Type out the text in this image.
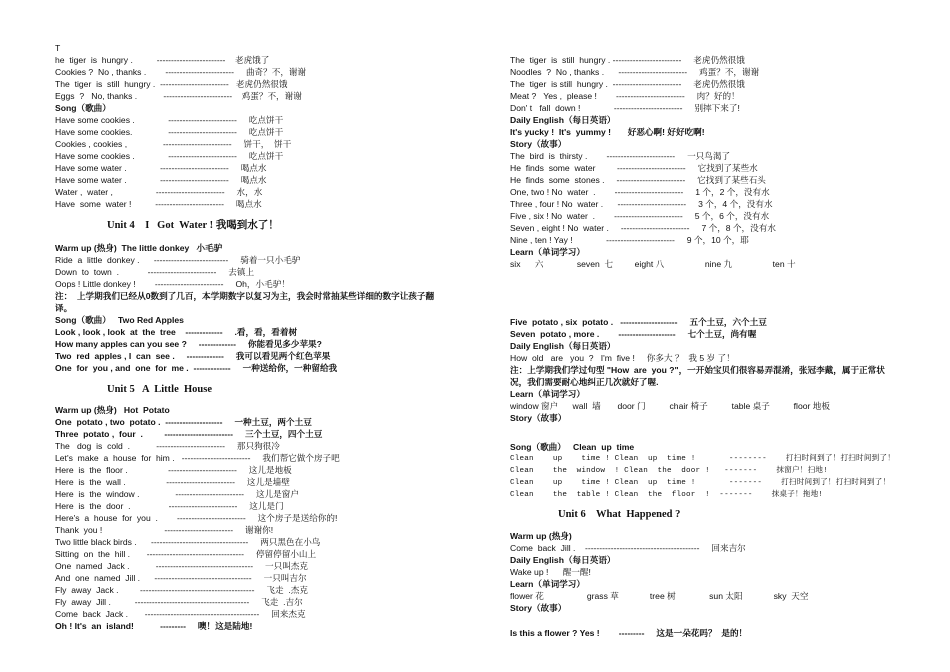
T
he  tiger  is  hungry .          ------------------------    老虎饿了
Cookies ?  No , thanks .        ------------------------     曲奇？不，谢谢
The  tiger  is  still  hungry .  ------------------------   老虎仍然很饿
Eggs  ?   No, thanks .           ------------------------    鸡蛋？不，谢谢
Song（歌曲）
Have some cookies .              ------------------------     吃点饼干
Have some cookies.               ------------------------     吃点饼干
Cookies , cookies ,               ------------------------     饼干，  饼干
Have some cookies .              ------------------------     吃点饼干
Have some water .              ------------------------     喝点水
Have some water .              ------------------------     喝点水
Water ,  water ,                  ------------------------     水，水
Have  some  water !          ------------------------     喝点水
Unit 4    I   Got  Water ! 我喝到水了！
Warm up (热身)  The little donkey   小毛驴
Ride  a  little  donkey .      --------------------------     骑着一只小毛驴
Down  to  town  .            ------------------------     去镇上
Oops ! Little donkey !        ------------------------     Oh，小毛驴！
注：  上学期我们已经从0数到了几百，本学期数字以复习为主，我会时常抽某些详细的数字让孩子翻
译。
Song（歌曲）   Two Red Apples
Look , look , look  at  the  tree    -------------     .看，看，看着树
How many apples can you see ?     -------------     你能看见多少苹果?
Two  red  apples , I  can  see .     -------------     我可以看见两个红色苹果
One  for  you , and  one  for  me .  -------------     一种送给你，一种留给我
Unit 5   A  Little  House
Warm up (热身)   Hot  Potato
One  potato , two  potato .  --------------------     一种土豆，两个土豆
Three  potato ,  four  .         ------------------------     三个土豆，四个土豆
The   dog  is  cold  .           ------------------------     那只狗很冷
Let's  make  a  house  for  him .   ------------------------     我们帮它做个房子吧
Here  is  the  floor .                 ------------------------     这儿是地板
Here  is  the  wall .                 ------------------------     这儿是墙壁
Here  is  the  window .               ------------------------     这儿是窗户
Here  is  the  door  .                ------------------------     这儿是门
Here's  a  house  for  you  .        ------------------------     这个房子是送给你的!
Thank  you !                          ------------------------     谢谢你!
Two little black birds .      ----------------------------------     两只黑色在小鸟
Sitting  on  the  hill .       ----------------------------------     停留停留小山上
One  named  Jack .           ----------------------------------     一只叫杰克
And  one  named  Jill .      ----------------------------------     一只叫吉尔
Fly  away  Jack .         ----------------------------------------     飞走  .杰克
Fly  away  Jill .          ----------------------------------------     飞走  .吉尔
Come  back  Jack .       ----------------------------------------     回来杰克
Oh ! It's  an  island!           ---------     噢！这是陆地!
The  tiger  is  still  hungry . ------------------------     老虎仍然很饿
Noodles  ?  No , thanks .      ------------------------     鸡蛋？不，谢谢
The  tiger  is still  hungry .  ------------------------     老虎仍然很饿
Meat ?   Yes ,  please !        ------------------------     肉？好的！
Don' t   fall  down !              ------------------------     别摔下来了!
Daily English（每日英语）
It's yucky !  It's  yummy !       好恶心啊! 好好吃啊!
Story（故事）
The  bird  is  thirsty .        ------------------------     一只鸟渴了
He  finds  some  water         ------------------------     它找到了某些水
He  finds  some  stones .     ------------------------     它找到了某些石头
One, two ! No  water  .        ------------------------     1 个，2 个，没有水
Three , four ! No  water .      ------------------------     3 个，4 个，没有水
Five , six ! No  water  .        ------------------------     5 个，6 个，没有水
Seven , eight ! No  water .     ------------------------     7 个，8 个，没有水
Nine , ten ! Yay !              ------------------------     9 个，10 个，耶
Learn（单词学习）
six      六              seven  七         eight 八                 nine 九                 ten 十
Five  potato , six  potato .   --------------------     五个土豆，六个土豆
Seven  potato , more .        --------------------     七个土豆，尚有喔
Daily English（每日英语）
How  old   are   you  ?   I'm  five !     你多大 ？  我 5 岁 了！
注：上学期我们学过句型 "How  are  you ?"，一开始宝贝们很容易弄混淆，张冠李戴，属于正常状
况，我们需要耐心地纠正几次就好了喔.
Learn（单词学习）
window 窗户      wall  墙       door 门          chair 椅子          table 桌子          floor 地板
Story（故事）
Song（歌曲）   Clean  up  time
Clean    up    time ! Clean  up  time !       --------    打扫时间到了！打扫时间到了！
Clean    the  window  ! Clean  the  door !   -------    抹窗户！扫地!
Clean    up    time ! Clean  up  time !       -------    打扫时间到了！打扫时间到了！
Clean    the  table ! Clean  the  floor  !  -------    抹桌子！拖地!
Unit 6    What  Happened ?
Warm up (热身)
Come  back  Jill .    ----------------------------------------     回来吉尔
Daily English（每日英语）
Wake up !      醒一醒!
Learn（单词学习）
flower 花                  grass 草             tree 树              sun 太阳             sky  天空
Story（故事）
Is this a flower ? Yes !        ---------     这是一朵花吗？  是的！
